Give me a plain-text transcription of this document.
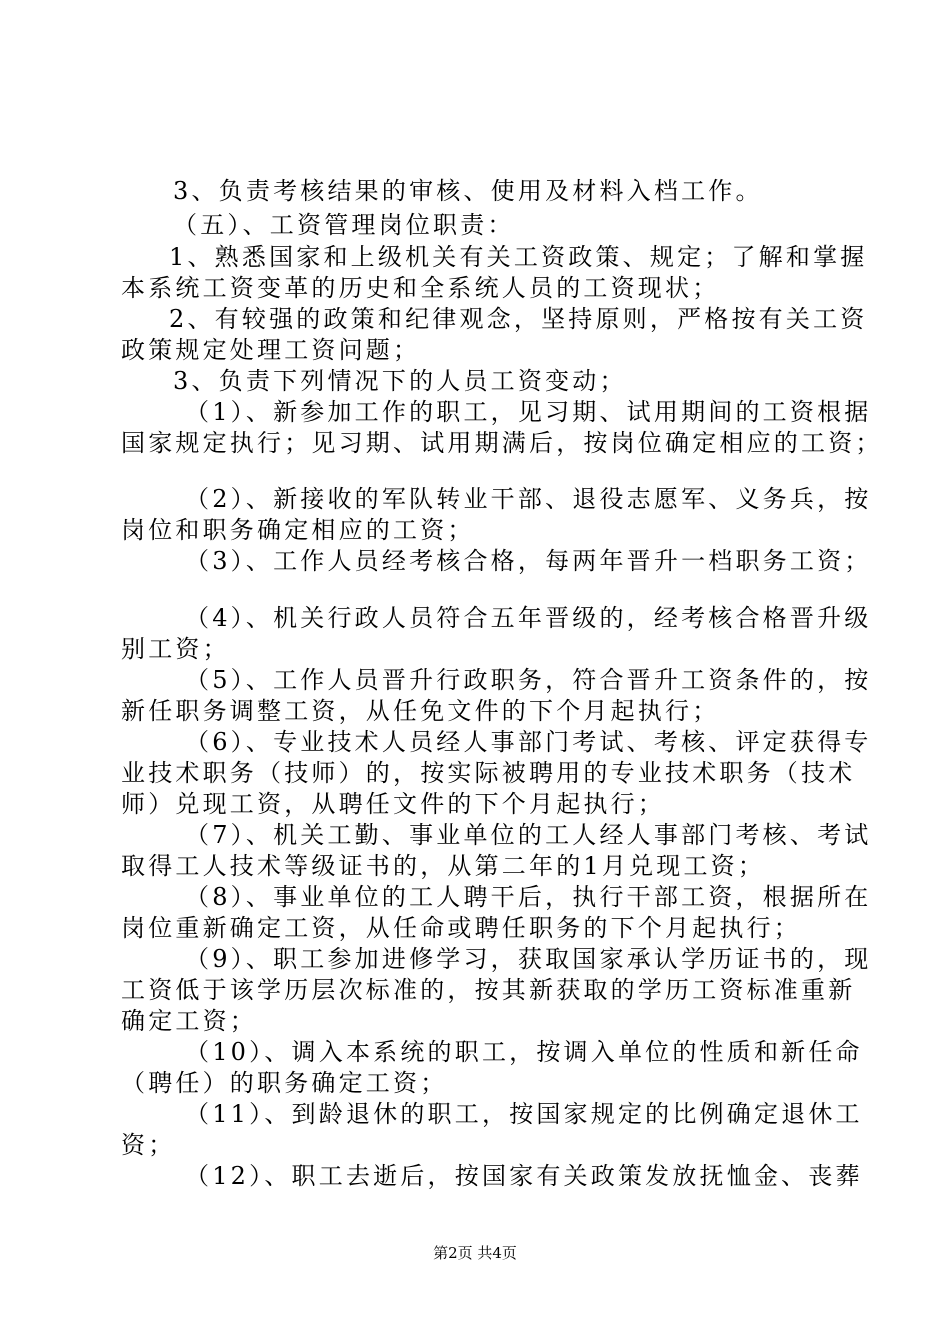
3、负责考核结果的审核、使用及材料入档工作。
（五）、工资管理岗位职责：
1、熟悉国家和上级机关有关工资政策、规定；了解和掌握
本系统工资变革的历史和全系统人员的工资现状；
2、有较强的政策和纪律观念，坚持原则，严格按有关工资
政策规定处理工资问题；
3、负责下列情况下的人员工资变动；
（1）、新参加工作的职工，见习期、试用期间的工资根据
国家规定执行；见习期、试用期满后，按岗位确定相应的工资；
（2）、新接收的军队转业干部、退役志愿军、义务兵，按
岗位和职务确定相应的工资；
（3）、工作人员经考核合格，每两年晋升一档职务工资；
（4）、机关行政人员符合五年晋级的，经考核合格晋升级
别工资；
（5）、工作人员晋升行政职务，符合晋升工资条件的，按
新任职务调整工资，从任免文件的下个月起执行；
（6）、专业技术人员经人事部门考试、考核、评定获得专
业技术职务（技师）的，按实际被聘用的专业技术职务（技术
师）兑现工资，从聘任文件的下个月起执行；
（7）、机关工勤、事业单位的工人经人事部门考核、考试
取得工人技术等级证书的，从第二年的1月兑现工资；
（8）、事业单位的工人聘干后，执行干部工资，根据所在
岗位重新确定工资，从任命或聘任职务的下个月起执行；
（9）、职工参加进修学习，获取国家承认学历证书的，现
工资低于该学历层次标准的，按其新获取的学历工资标准重新
确定工资；
（10）、调入本系统的职工，按调入单位的性质和新任命
（聘任）的职务确定工资；
（11）、到龄退休的职工，按国家规定的比例确定退休工
资；
（12）、职工去逝后，按国家有关政策发放抚恤金、丧葬
第2页 共4页
